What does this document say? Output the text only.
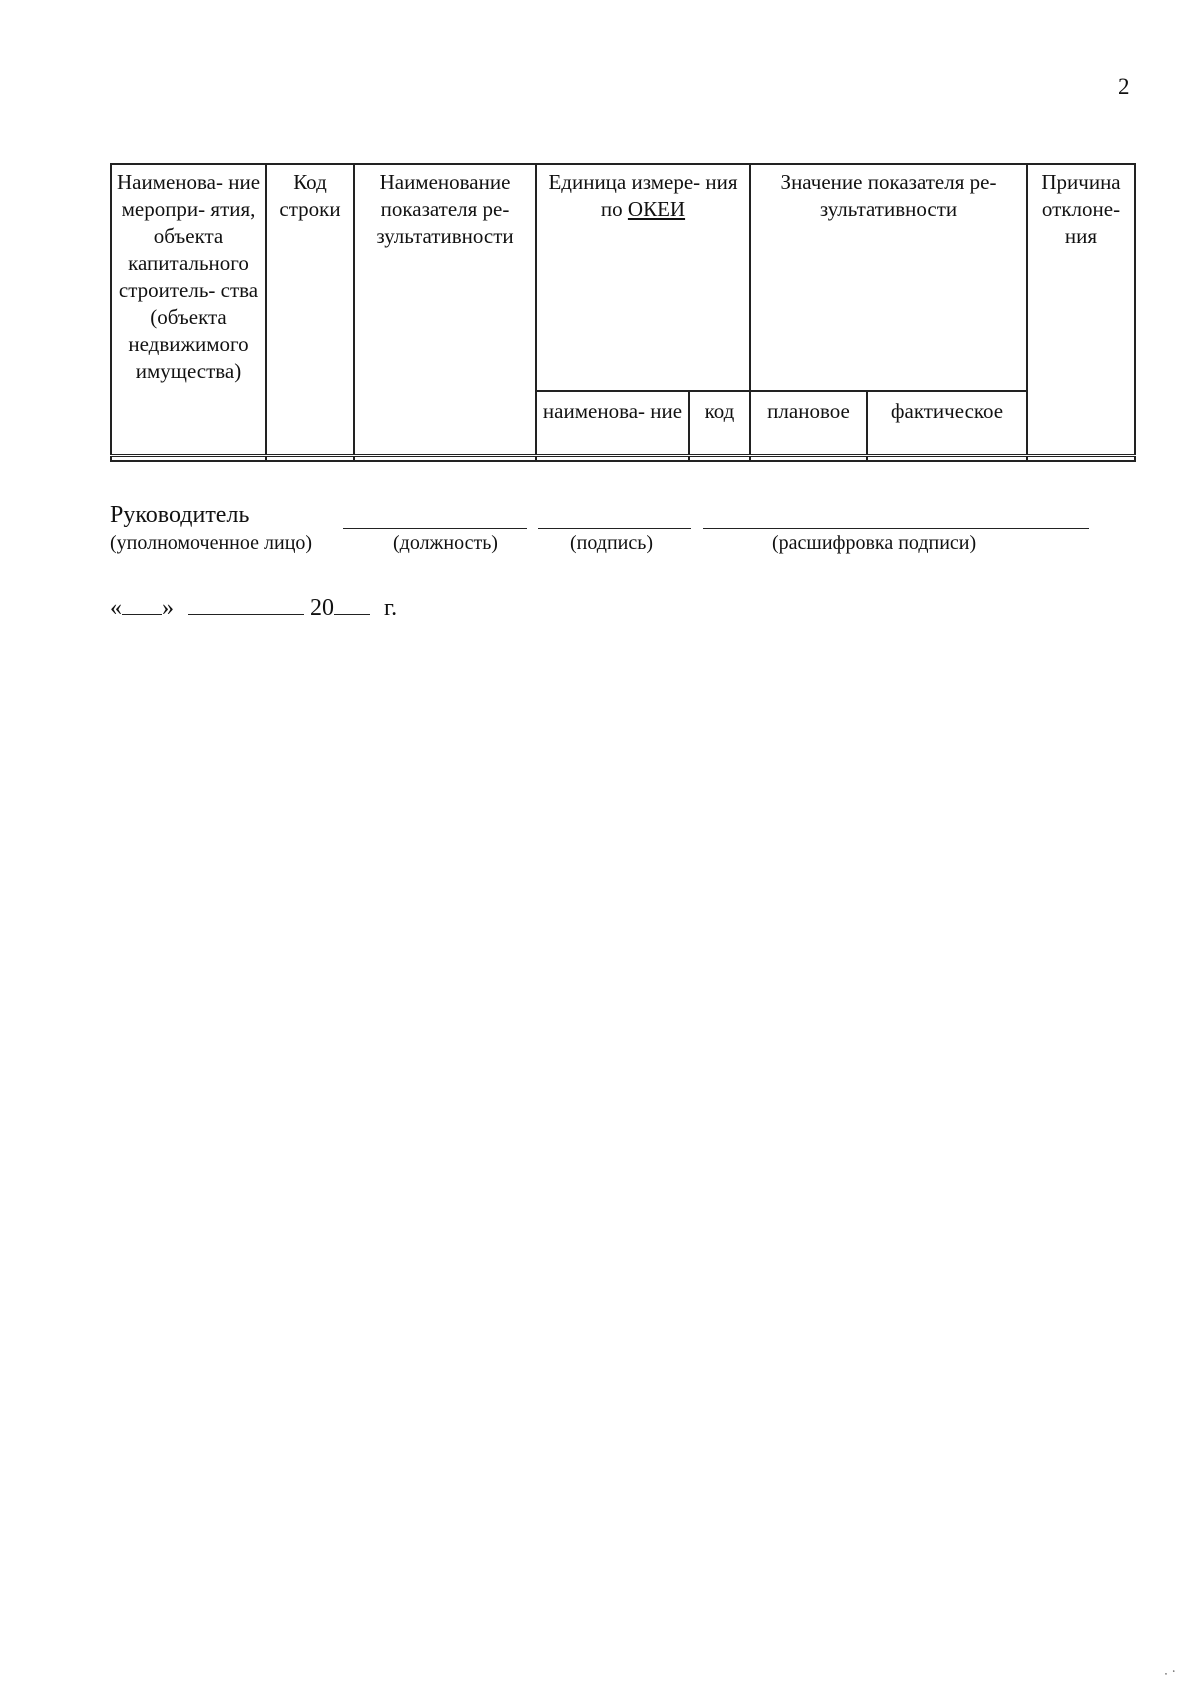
2
Наименова- ние меропри- ятия, объекта капитального строитель- ства (объекта недвижимого имущества)	Код строки	Наименование показателя ре- зультативности	Единица измере- ния по ОКЕИ		Значение показателя ре- зультативности		Причина отклоне- ния
			наименова- ние	код	плановое	фактическое	

Руководитель
(уполномоченное лицо)	(должность)	(подпись)	(расшифровка подписи)
« »	20 г.
· ·
